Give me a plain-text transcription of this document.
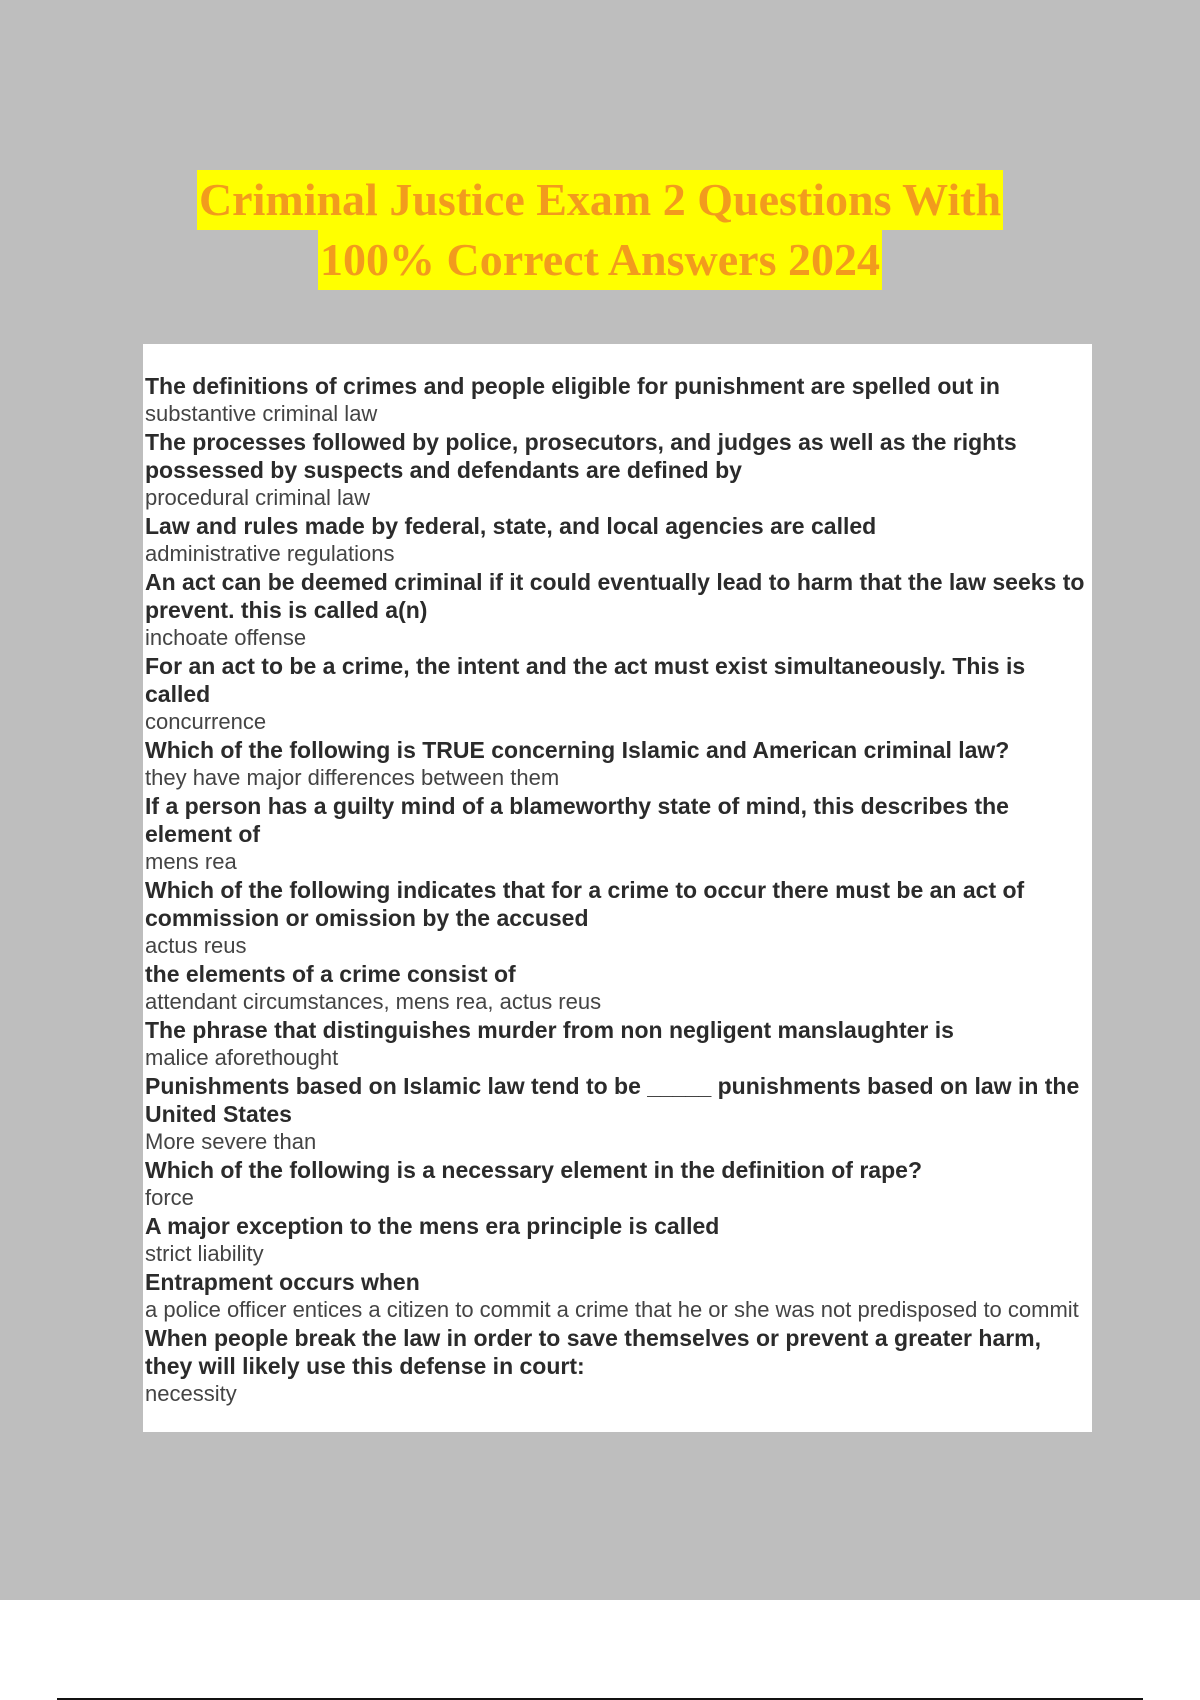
Criminal Justice Exam 2 Questions With
100% Correct Answers 2024

The definitions of crimes and people eligible for punishment are spelled out in

substantive criminal law

The processes followed by police, prosecutors, and judges as well as the rights possessed by suspects and defendants are defined by

procedural criminal law

Law and rules made by federal, state, and local agencies are called

administrative regulations

An act can be deemed criminal if it could eventually lead to harm that the law seeks to prevent. this is called a(n)

inchoate offense

For an act to be a crime, the intent and the act must exist simultaneously. This is called

concurrence

Which of the following is TRUE concerning Islamic and American criminal law?

they have major differences between them

If a person has a guilty mind of a blameworthy state of mind, this describes the element of

mens rea

Which of the following indicates that for a crime to occur there must be an act of commission or omission by the accused

actus reus

the elements of a crime consist of

attendant circumstances, mens rea, actus reus

The phrase that distinguishes murder from non negligent manslaughter is

malice aforethought

Punishments based on Islamic law tend to be _____ punishments based on law in the United States

More severe than

Which of the following is a necessary element in the definition of rape?

force

A major exception to the mens era principle is called

strict liability

Entrapment occurs when

a police officer entices a citizen to commit a crime that he or she was not predisposed to commit

When people break the law in order to save themselves or prevent a greater harm, they will likely use this defense in court:

necessity
